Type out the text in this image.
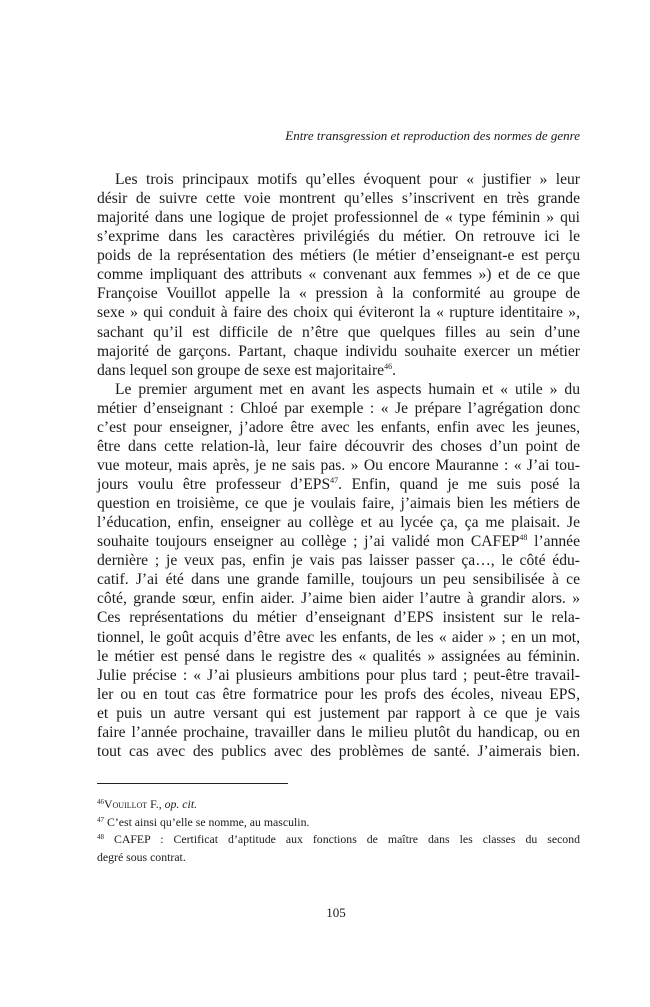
Entre transgression et reproduction des normes de genre
Les trois principaux motifs qu’elles évoquent pour « justifier » leur
désir de suivre cette voie montrent qu’elles s’inscrivent en très grande
majorité dans une logique de projet professionnel de « type féminin » qui
s’exprime dans les caractères privilégiés du métier. On retrouve ici le
poids de la représentation des métiers (le métier d’enseignant-e est perçu
comme impliquant des attributs « convenant aux femmes ») et de ce que
Françoise Vouillot appelle la « pression à la conformité au groupe de
sexe » qui conduit à faire des choix qui éviteront la « rupture identitaire »,
sachant qu’il est difficile de n’être que quelques filles au sein d’une
majorité de garçons. Partant, chaque individu souhaite exercer un métier
dans lequel son groupe de sexe est majoritaire$^{46}$.
Le premier argument met en avant les aspects humain et « utile » du
métier d’enseignant : Chloé par exemple : « Je prépare l’agrégation donc
c’est pour enseigner, j’adore être avec les enfants, enfin avec les jeunes,
être dans cette relation-là, leur faire découvrir des choses d’un point de
vue moteur, mais après, je ne sais pas. » Ou encore Mauranne : « J’ai tou-
jours voulu être professeur d’EPS$^{47}$. Enfin, quand je me suis posé la
question en troisième, ce que je voulais faire, j’aimais bien les métiers de
l’éducation, enfin, enseigner au collège et au lycée ça, ça me plaisait. Je
souhaite toujours enseigner au collège ; j’ai validé mon CAFEP$^{48}$ l’année
dernière ; je veux pas, enfin je vais pas laisser passer ça…, le côté édu-
catif. J’ai été dans une grande famille, toujours un peu sensibilisée à ce
côté, grande sœur, enfin aider. J’aime bien aider l’autre à grandir alors. »
Ces représentations du métier d’enseignant d’EPS insistent sur le rela-
tionnel, le goût acquis d’être avec les enfants, de les « aider » ; en un mot,
le métier est pensé dans le registre des « qualités » assignées au féminin.
Julie précise : « J’ai plusieurs ambitions pour plus tard ; peut-être travail-
ler ou en tout cas être formatrice pour les profs des écoles, niveau EPS,
et puis un autre versant qui est justement par rapport à ce que je vais
faire l’année prochaine, travailler dans le milieu plutôt du handicap, ou en
tout cas avec des publics avec des problèmes de santé. J’aimerais bien.
$^{46}$Vouillot F., op. cit.
$^{47}$ C’est ainsi qu’elle se nomme, au masculin.
$^{48}$ CAFEP : Certificat d’aptitude aux fonctions de maître dans les classes du second
degré sous contrat.
105
